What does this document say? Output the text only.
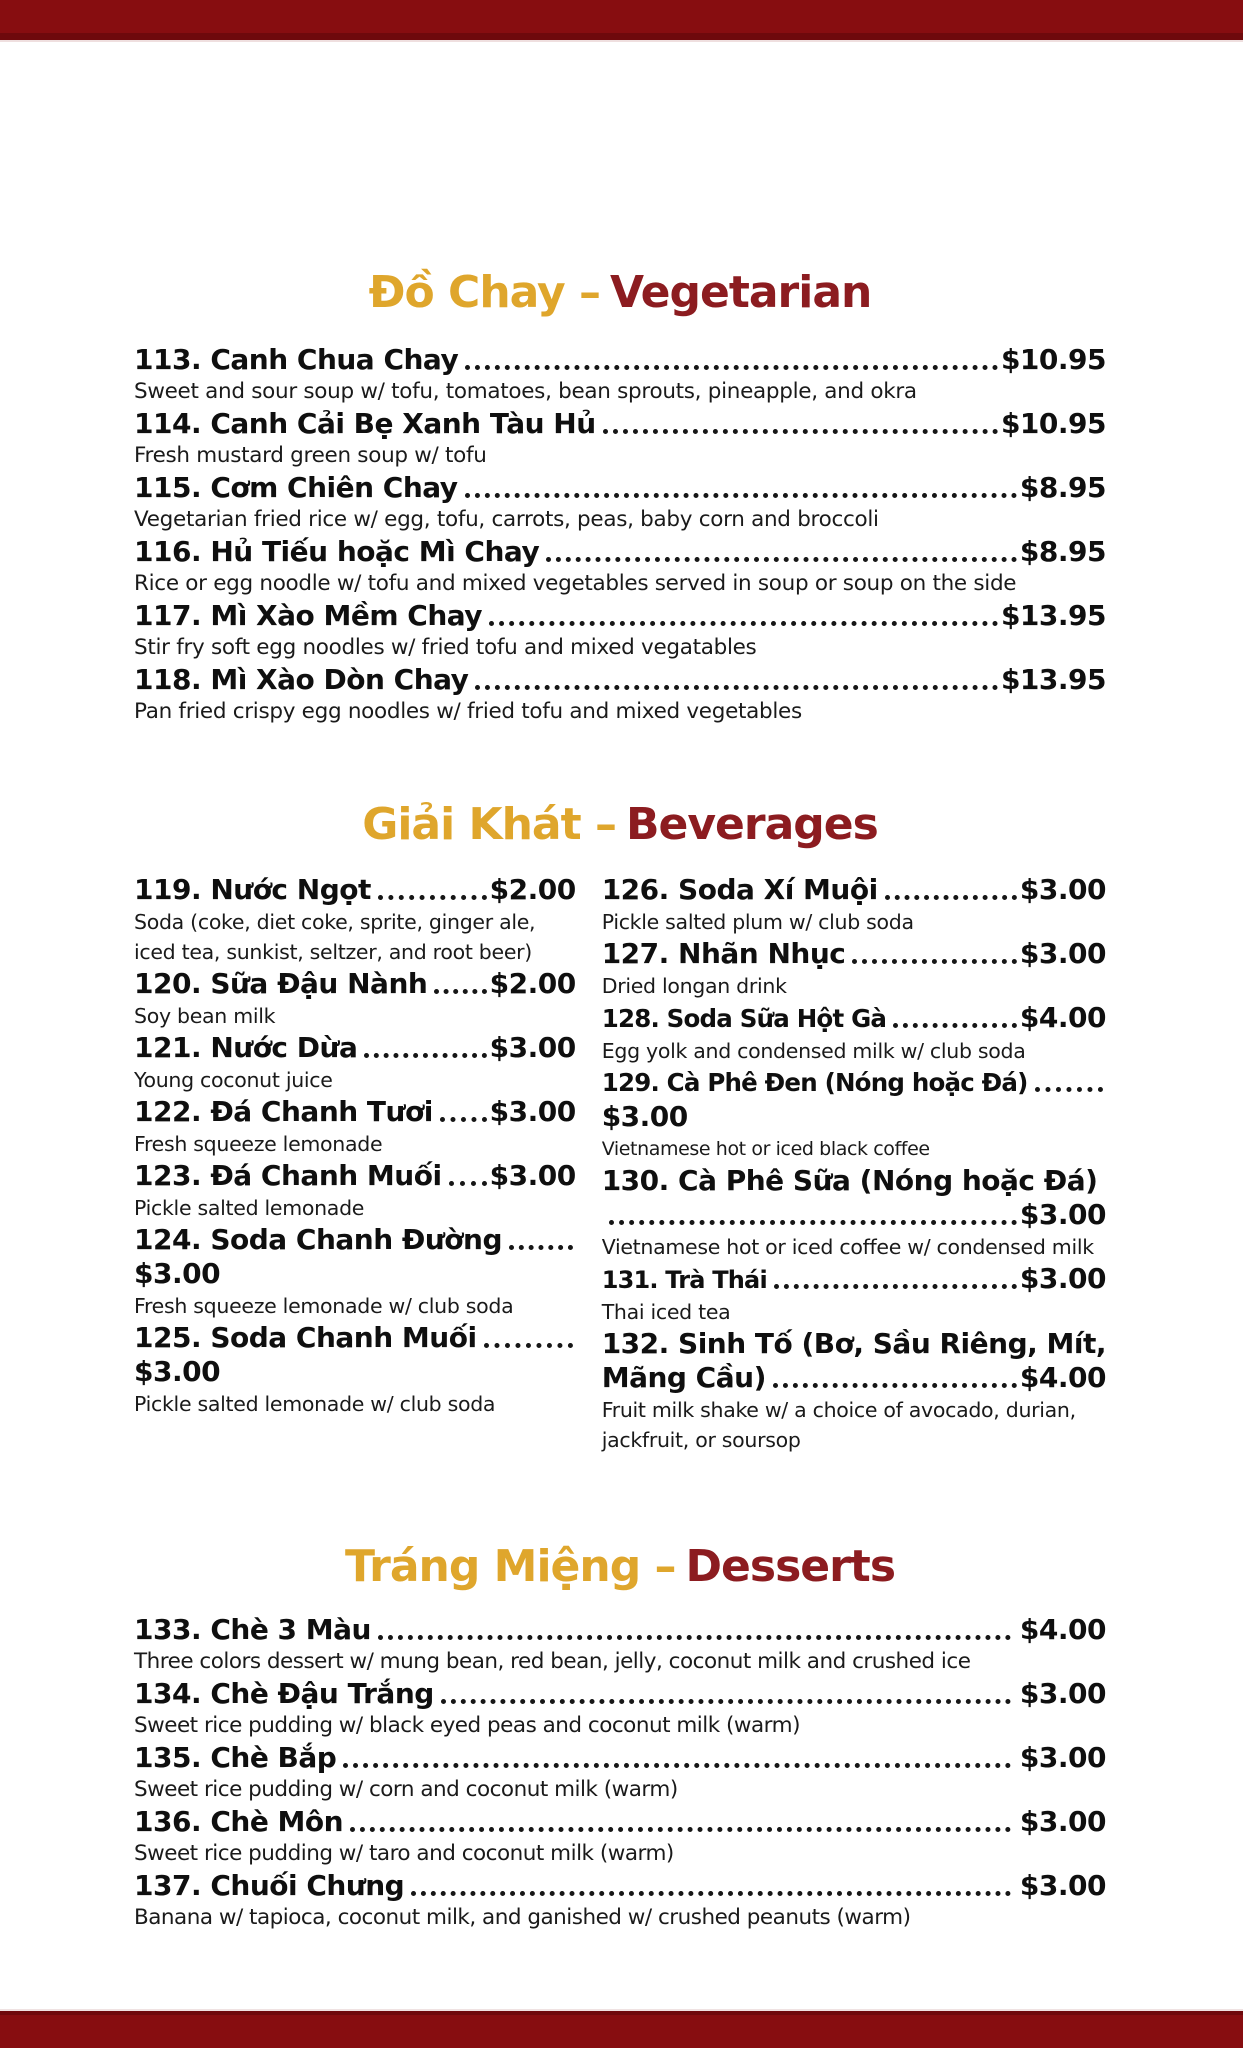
Đồ Chay – Vegetarian
113. Canh Chua Chay	$10.95
Sweet and sour soup w/ tofu, tomatoes, bean sprouts, pineapple, and okra
114. Canh Cải Bẹ Xanh Tàu Hủ	$10.95
Fresh mustard green soup w/ tofu
115. Cơm Chiên Chay	$8.95
Vegetarian fried rice w/ egg, tofu, carrots, peas, baby corn and broccoli
116. Hủ Tiếu hoặc Mì Chay	$8.95
Rice or egg noodle w/ tofu and mixed vegetables served in soup or soup on the side
117. Mì Xào Mềm Chay	$13.95
Stir fry soft egg noodles w/ fried tofu and mixed vegatables
118. Mì Xào Dòn Chay	$13.95
Pan fried crispy egg noodles w/ fried tofu and mixed vegetables
Giải Khát – Beverages
119. Nước Ngọt	$2.00
Soda (coke, diet coke, sprite, ginger ale, iced tea, sunkist, seltzer, and root beer)
120. Sữa Đậu Nành $2.00
Soy bean milk
121. Nước Dừa	$3.00
Young coconut juice
122. Đá Chanh Tươi $3.00
Fresh squeeze lemonade
123. Đá Chanh Muối $3.00
Pickle salted lemonade
124. Soda Chanh Đường
$3.00
Fresh squeeze lemonade w/ club soda
125. Soda Chanh Muối
$3.00
Pickle salted lemonade w/ club soda
126. Soda Xí Muội	$3.00
Pickle salted plum w/ club soda
127. Nhãn Nhục	$3.00
Dried longan drink
128. Soda Sữa Hột Gà	$4.00
Egg yolk and condensed milk w/ club soda
129. Cà Phê Đen (Nóng hoặc Đá)
$3.00
Vietnamese hot or iced black coffee
130. Cà Phê Sữa (Nóng hoặc Đá)
$3.00
Vietnamese hot or iced coffee w/ condensed milk
131. Trà Thái	$3.00
Thai iced tea
132. Sinh Tố (Bơ, Sầu Riêng, Mít,
Mãng Cầu)	$4.00
Fruit milk shake w/ a choice of avocado, durian, jackfruit, or soursop
Tráng Miệng – Desserts
133. Chè 3 Màu	$4.00
Three colors dessert w/ mung bean, red bean, jelly, coconut milk and crushed ice
134. Chè Đậu Trắng	$3.00
Sweet rice pudding w/ black eyed peas and coconut milk (warm)
135. Chè Bắp	$3.00
Sweet rice pudding w/ corn and coconut milk (warm)
136. Chè Môn	$3.00
Sweet rice pudding w/ taro and coconut milk (warm)
137. Chuối Chưng	$3.00
Banana w/ tapioca, coconut milk, and ganished w/ crushed peanuts (warm)
